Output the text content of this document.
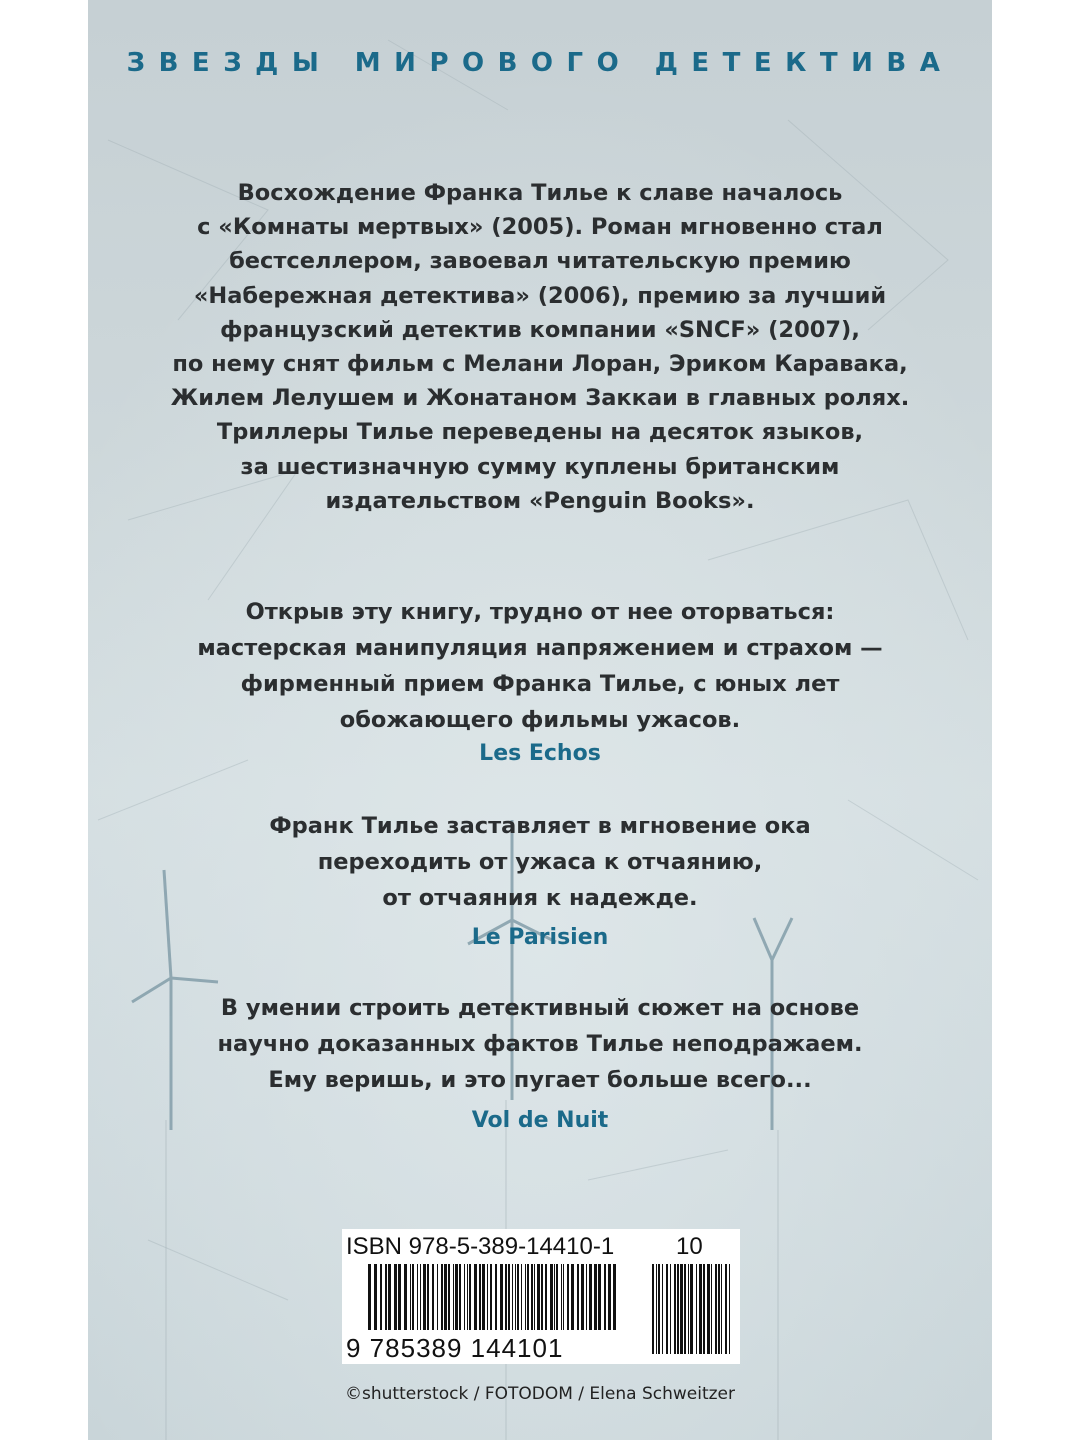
ЗВЕЗДЫ МИРОВОГО ДЕТЕКТИВА
Восхождение Франка Тилье к славе началось
с «Комнаты мертвых» (2005). Роман мгновенно стал
бестселлером, завоевал читательскую премию
«Набережная детектива» (2006), премию за лучший
французский детектив компании «SNCF» (2007),
по нему снят фильм с Мелани Лоран, Эриком Каравака,
Жилем Лелушем и Жонатаном Заккаи в главных ролях.
Триллеры Тилье переведены на десяток языков,
за шестизначную сумму куплены британским
издательством «Penguin Books».
Открыв эту книгу, трудно от нее оторваться:
мастерская манипуляция напряжением и страхом —
фирменный прием Франка Тилье, с юных лет
обожающего фильмы ужасов.
Les Echos
Франк Тилье заставляет в мгновение ока
переходить от ужаса к отчаянию,
от отчаяния к надежде.
Le Parisien
В умении строить детективный сюжет на основе
научно доказанных фактов Тилье неподражаем.
Ему веришь, и это пугает больше всего...
Vol de Nuit
ISBN 978-5-389-14410-1	10
9 785389 144101
©shutterstock / FOTODOM / Elena Schweitzer
